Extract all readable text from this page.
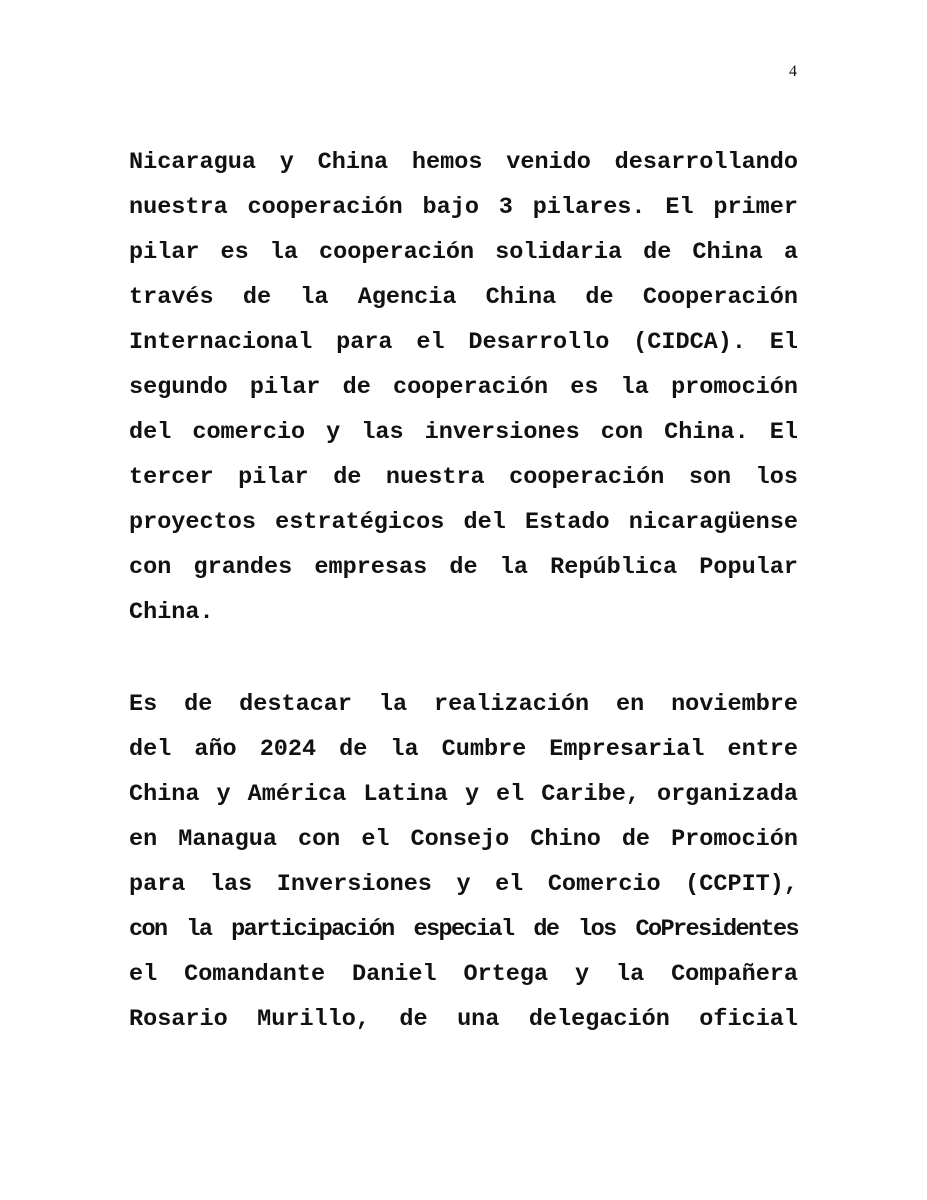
4
Nicaragua y China hemos venido desarrollando
nuestra cooperación bajo 3 pilares. El primer
pilar es la cooperación solidaria de China a
través de la Agencia China de Cooperación
Internacional para el Desarrollo (CIDCA). El
segundo pilar de cooperación es la promoción
del comercio y las inversiones con China. El
tercer pilar de nuestra cooperación son los
proyectos estratégicos del Estado nicaragüense
con grandes empresas de la República Popular
China.
Es de destacar la realización en noviembre
del año 2024 de la Cumbre Empresarial entre
China y América Latina y el Caribe, organizada
en Managua con el Consejo Chino de Promoción
para las Inversiones y el Comercio (CCPIT),
con la participación especial de los CoPresidentes
el Comandante Daniel Ortega y la Compañera
Rosario Murillo, de una delegación oficial
